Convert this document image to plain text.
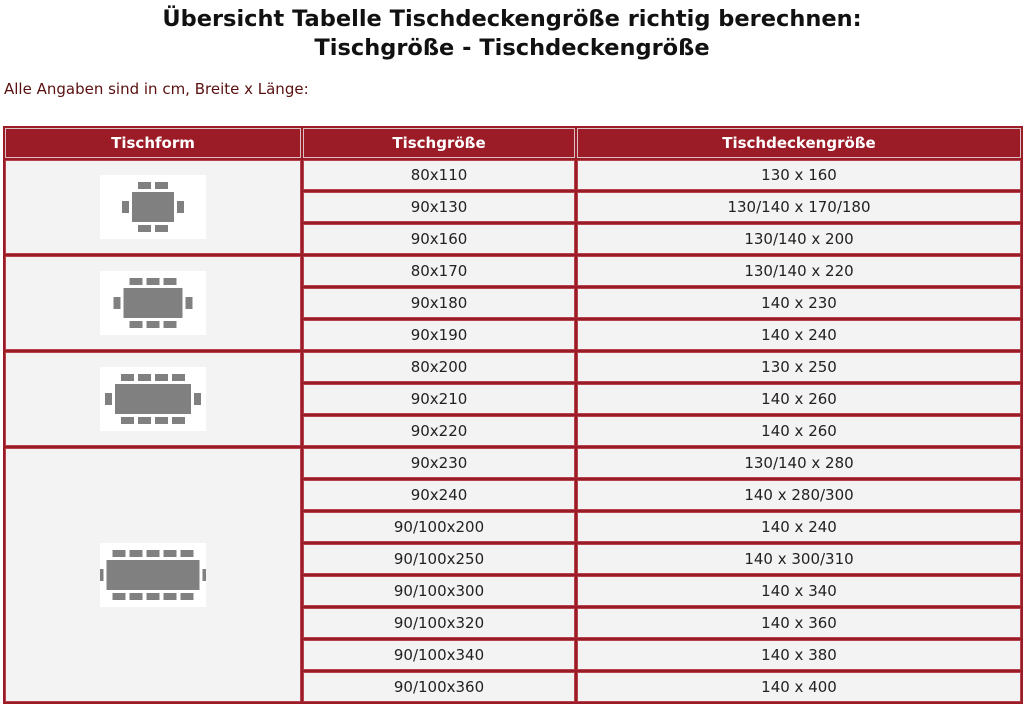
Übersicht Tabelle Tischdeckengröße richtig berechnen:
Tischgröße - Tischdeckengröße
Alle Angaben sind in cm, Breite x Länge:
Tischform	Tischgröße	Tischdeckengröße

	80x110	130 x 160
	90x130	130/140 x 170/180
	90x160	130/140 x 200

	80x170	130/140 x 220
	90x180	140 x 230
	90x190	140 x 240

	80x200	130 x 250
	90x210	140 x 260
	90x220	140 x 260

	90x230	130/140 x 280
	90x240	140 x 280/300
	90/100x200	140 x 240
	90/100x250	140 x 300/310
	90/100x300	140 x 340
	90/100x320	140 x 360
	90/100x340	140 x 380
	90/100x360	140 x 400
